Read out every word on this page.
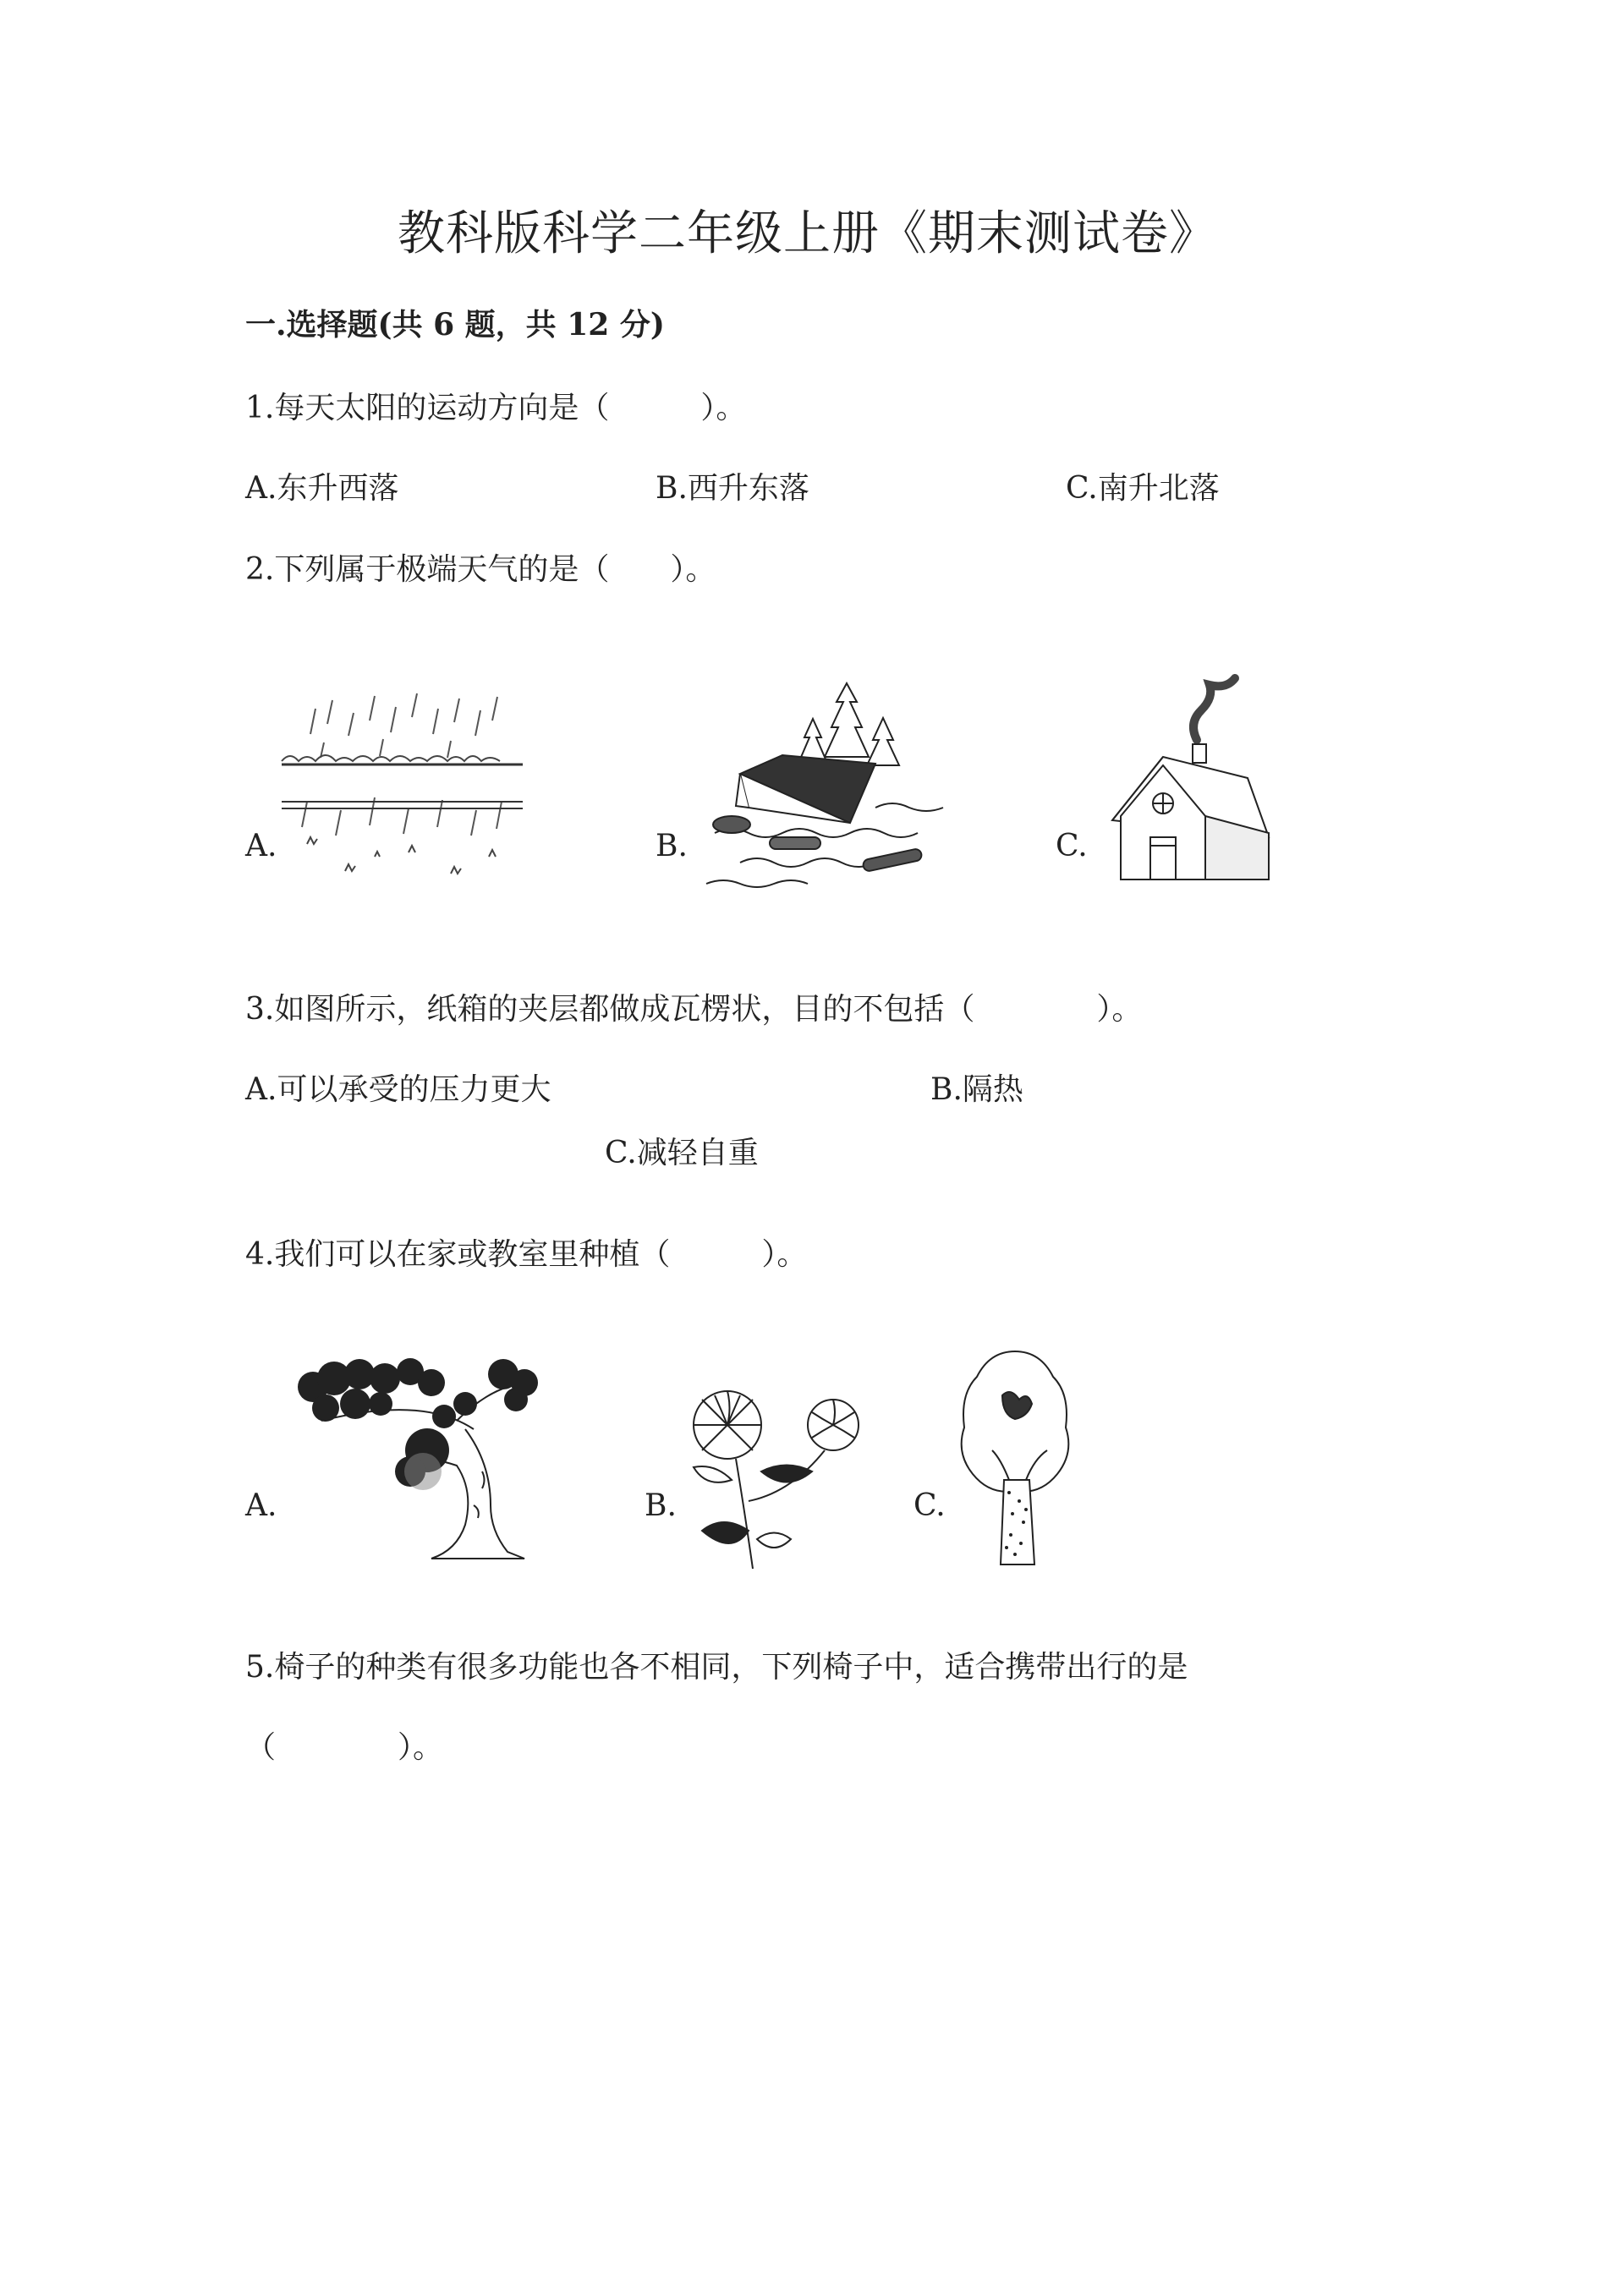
教科版科学二年级上册《期末测试卷》
一.选择题(共 6 题，共 12 分)
1.每天太阳的运动方向是（　　　）。
A.东升西落	B.西升东落	C.南升北落
2.下列属于极端天气的是（　　）。
A.	B.	C.
3.如图所示，纸箱的夹层都做成瓦楞状，目的不包括（　　　　）。
A.可以承受的压力更大	B.隔热
C.减轻自重
4.我们可以在家或教室里种植（　　　）。
A.	B.	C.
5.椅子的种类有很多功能也各不相同，下列椅子中，适合携带出行的是
（　　　　）。
